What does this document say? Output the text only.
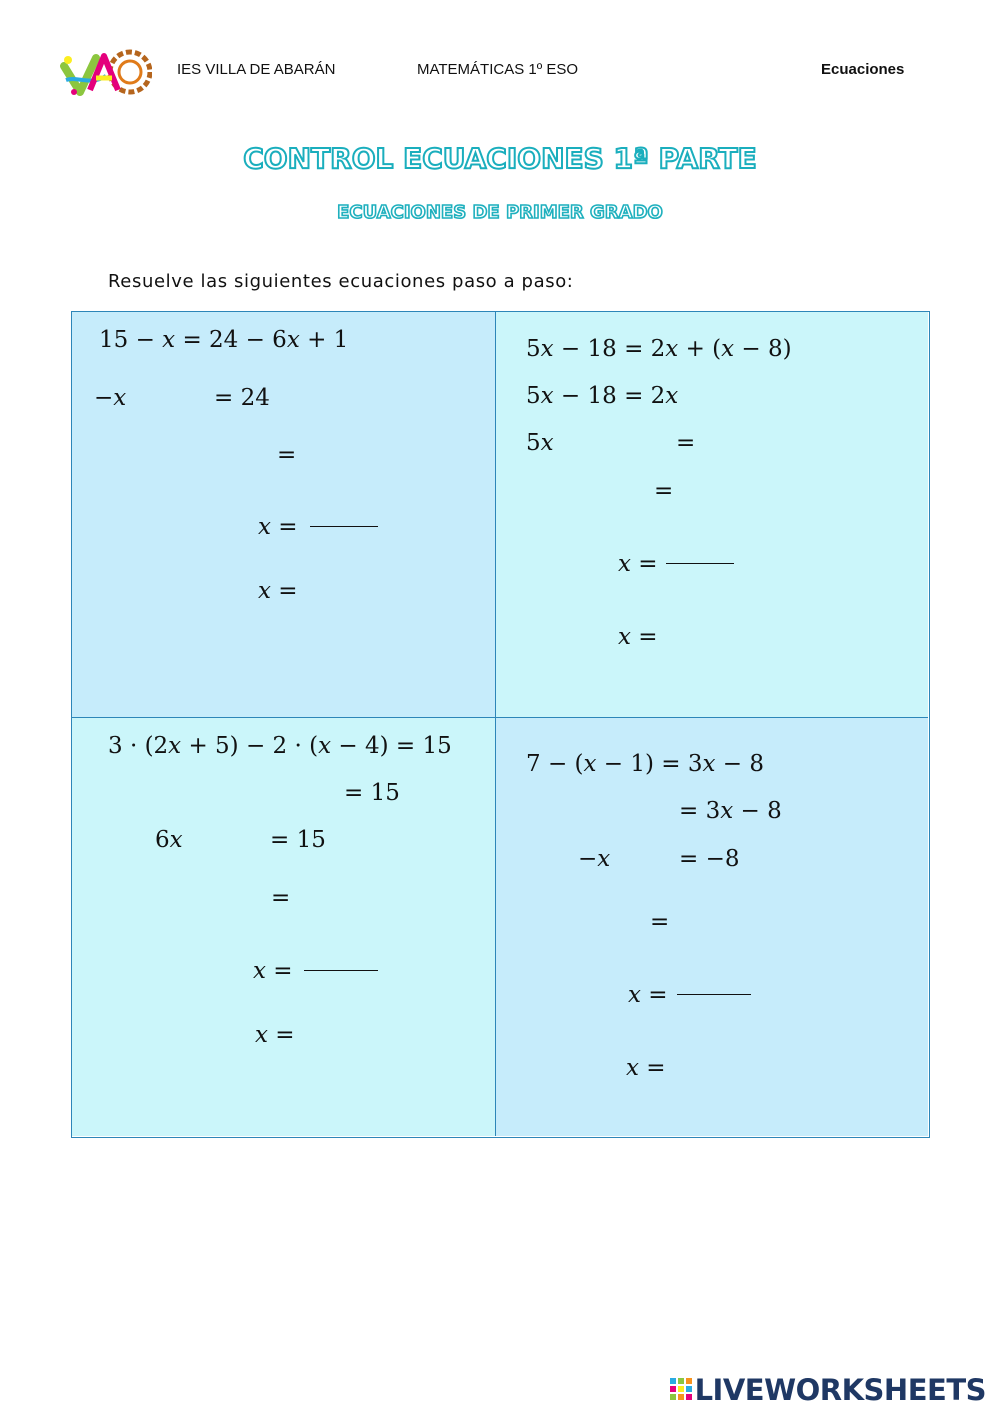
IES VILLA DE ABARÁN	MATEMÁTICAS 1º ESO	Ecuaciones
CONTROL ECUACIONES 1ª PARTE
ECUACIONES DE PRIMER GRADO
Resuelve las siguientes ecuaciones paso a paso:
15 − 𝑥 = 24 − 6𝑥 + 1
−𝑥	= 24
=
𝑥 =
𝑥 =
5𝑥 − 18 = 2𝑥 + (𝑥 − 8)
5𝑥 − 18 = 2𝑥
5𝑥	=
=
𝑥 =
𝑥 =
3 · (2𝑥 + 5) − 2 · (𝑥 − 4) = 15
= 15
6𝑥	= 15
=
𝑥 =
𝑥 =
7 − (𝑥 − 1) = 3𝑥 − 8
= 3𝑥 − 8
−𝑥	= −8
=
𝑥 =
𝑥 =
LIVEWORKSHEETS
